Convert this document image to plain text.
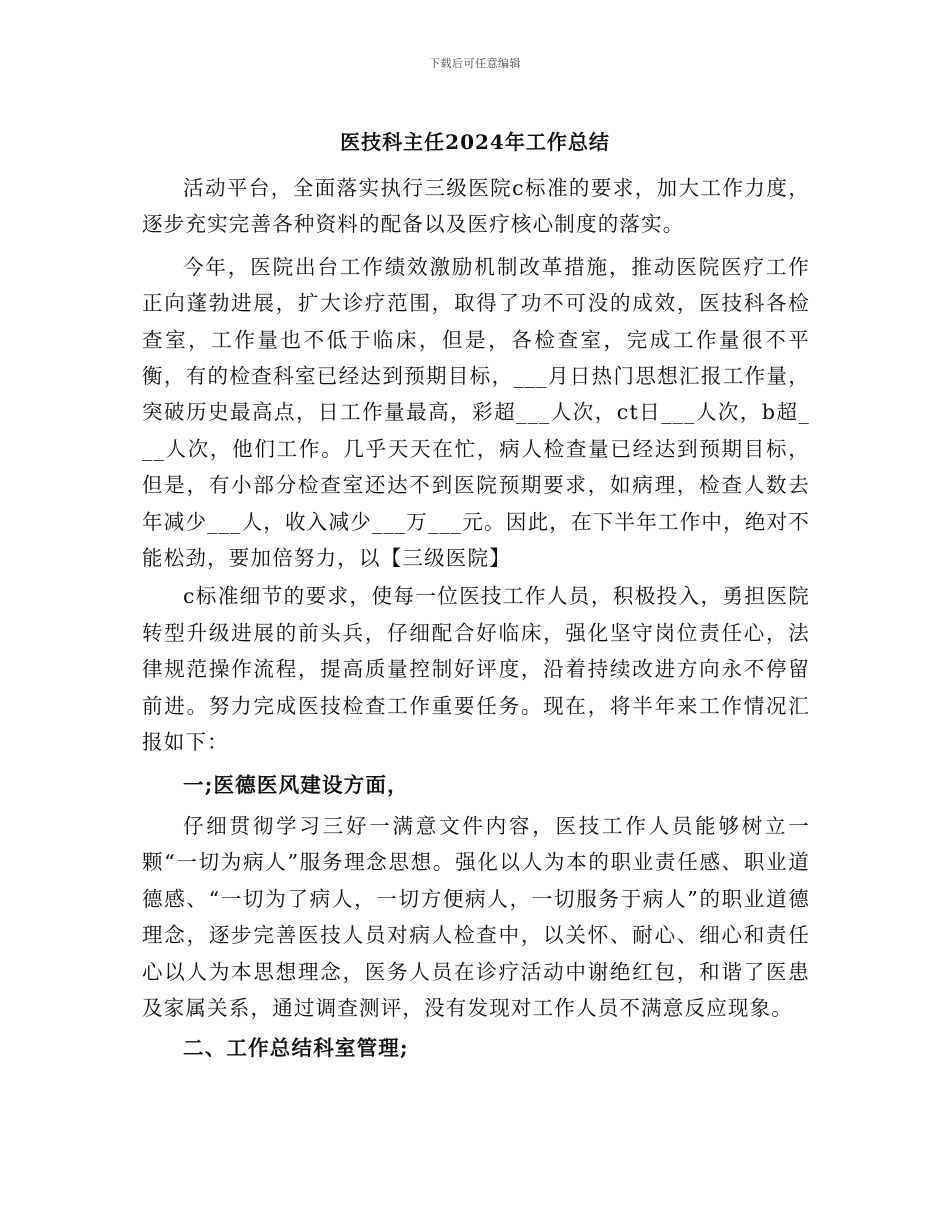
下载后可任意编辑
医技科主任2024年工作总结

活动平台，全面落实执行三级医院c标准的要求，加大工作力度，逐步充实完善各种资料的配备以及医疗核心制度的落实。

今年，医院出台工作绩效激励机制改革措施，推动医院医疗工作正向蓬勃进展，扩大诊疗范围，取得了功不可没的成效，医技科各检查室，工作量也不低于临床，但是，各检查室，完成工作量很不平衡，有的检查科室已经达到预期目标，___月日热门思想汇报工作量，突破历史最高点，日工作量最高，彩超___人次，ct日___人次，b超___人次，他们工作。几乎天天在忙，病人检查量已经达到预期目标，但是，有小部分检查室还达不到医院预期要求，如病理，检查人数去年减少___人，收入减少___万___元。因此，在下半年工作中，绝对不能松劲，要加倍努力，以【三级医院】

c标准细节的要求，使每一位医技工作人员，积极投入，勇担医院转型升级进展的前头兵，仔细配合好临床，强化坚守岗位责任心，法律规范操作流程，提高质量控制好评度，沿着持续改进方向永不停留前进。努力完成医技检查工作重要任务。现在，将半年来工作情况汇报如下：

一;医德医风建设方面，

仔细贯彻学习三好一满意文件内容，医技工作人员能够树立一颗“一切为病人”服务理念思想。强化以人为本的职业责任感、职业道德感、“一切为了病人，一切方便病人，一切服务于病人”的职业道德理念，逐步完善医技人员对病人检查中，以关怀、耐心、细心和责任心以人为本思想理念，医务人员在诊疗活动中谢绝红包，和谐了医患及家属关系，通过调查测评，没有发现对工作人员不满意反应现象。

二、工作总结科室管理;
